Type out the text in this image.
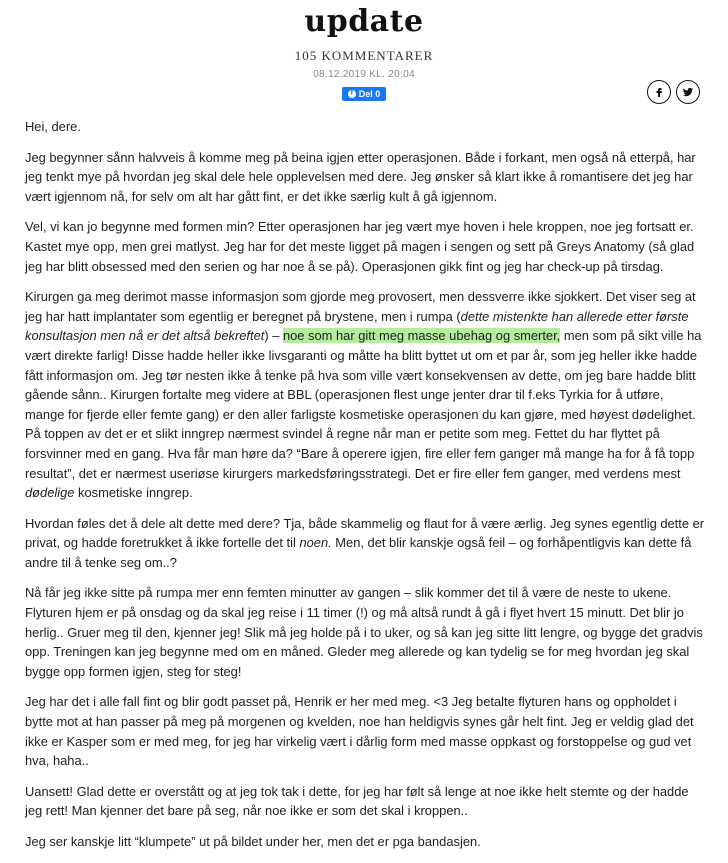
update
105 KOMMENTARER
08.12.2019 KL. 20:04
f Del 0

Hei, dere.

Jeg begynner sånn halvveis å komme meg på beina igjen etter operasjonen. Både i forkant, men også nå etterpå, har jeg tenkt mye på hvordan jeg skal dele hele opplevelsen med dere. Jeg ønsker så klart ikke å romantisere det jeg har vært igjennom nå, for selv om alt har gått fint, er det ikke særlig kult å gå igjennom.

Vel, vi kan jo begynne med formen min? Etter operasjonen har jeg vært mye hoven i hele kroppen, noe jeg fortsatt er. Kastet mye opp, men grei matlyst. Jeg har for det meste ligget på magen i sengen og sett på Greys Anatomy (så glad jeg har blitt obsessed med den serien og har noe å se på). Operasjonen gikk fint og jeg har check-up på tirsdag.

Kirurgen ga meg derimot masse informasjon som gjorde meg provosert, men dessverre ikke sjokkert. Det viser seg at jeg har hatt implantater som egentlig er beregnet på brystene, men i rumpa (dette mistenkte han allerede etter første konsultasjon men nå er det altså bekreftet) – noe som har gitt meg masse ubehag og smerter, men som på sikt ville ha vært direkte farlig! Disse hadde heller ikke livsgaranti og måtte ha blitt byttet ut om et par år, som jeg heller ikke hadde fått informasjon om. Jeg tør nesten ikke å tenke på hva som ville vært konsekvensen av dette, om jeg bare hadde blitt gående sånn.. Kirurgen fortalte meg videre at BBL (operasjonen flest unge jenter drar til f.eks Tyrkia for å utføre, mange for fjerde eller femte gang) er den aller farligste kosmetiske operasjonen du kan gjøre, med høyest dødelighet. På toppen av det er et slikt inngrep nærmest svindel å regne når man er petite som meg. Fettet du har flyttet på forsvinner med en gang. Hva får man høre da? “Bare å operere igjen, fire eller fem ganger må mange ha for å få topp resultat”, det er nærmest useriøse kirurgers markedsføringsstrategi. Det er fire eller fem ganger, med verdens mest dødelige kosmetiske inngrep.

Hvordan føles det å dele alt dette med dere? Tja, både skammelig og flaut for å være ærlig. Jeg synes egentlig dette er privat, og hadde foretrukket å ikke fortelle det til noen. Men, det blir kanskje også feil – og forhåpentligvis kan dette få andre til å tenke seg om..?

Nå får jeg ikke sitte på rumpa mer enn femten minutter av gangen – slik kommer det til å være de neste to ukene. Flyturen hjem er på onsdag og da skal jeg reise i 11 timer (!) og må altså rundt å gå i flyet hvert 15 minutt. Det blir jo herlig.. Gruer meg til den, kjenner jeg! Slik må jeg holde på i to uker, og så kan jeg sitte litt lengre, og bygge det gradvis opp. Treningen kan jeg begynne med om en måned. Gleder meg allerede og kan tydelig se for meg hvordan jeg skal bygge opp formen igjen, steg for steg!

Jeg har det i alle fall fint og blir godt passet på, Henrik er her med meg. <3 Jeg betalte flyturen hans og oppholdet i bytte mot at han passer på meg på morgenen og kvelden, noe han heldigvis synes går helt fint. Jeg er veldig glad det ikke er Kasper som er med meg, for jeg har virkelig vært i dårlig form med masse oppkast og forstoppelse og gud vet hva, haha..

Uansett! Glad dette er overstått og at jeg tok tak i dette, for jeg har følt så lenge at noe ikke helt stemte og der hadde jeg rett! Man kjenner det bare på seg, når noe ikke er som det skal i kroppen..

Jeg ser kanskje litt “klumpete” ut på bildet under her, men det er pga bandasjen.
